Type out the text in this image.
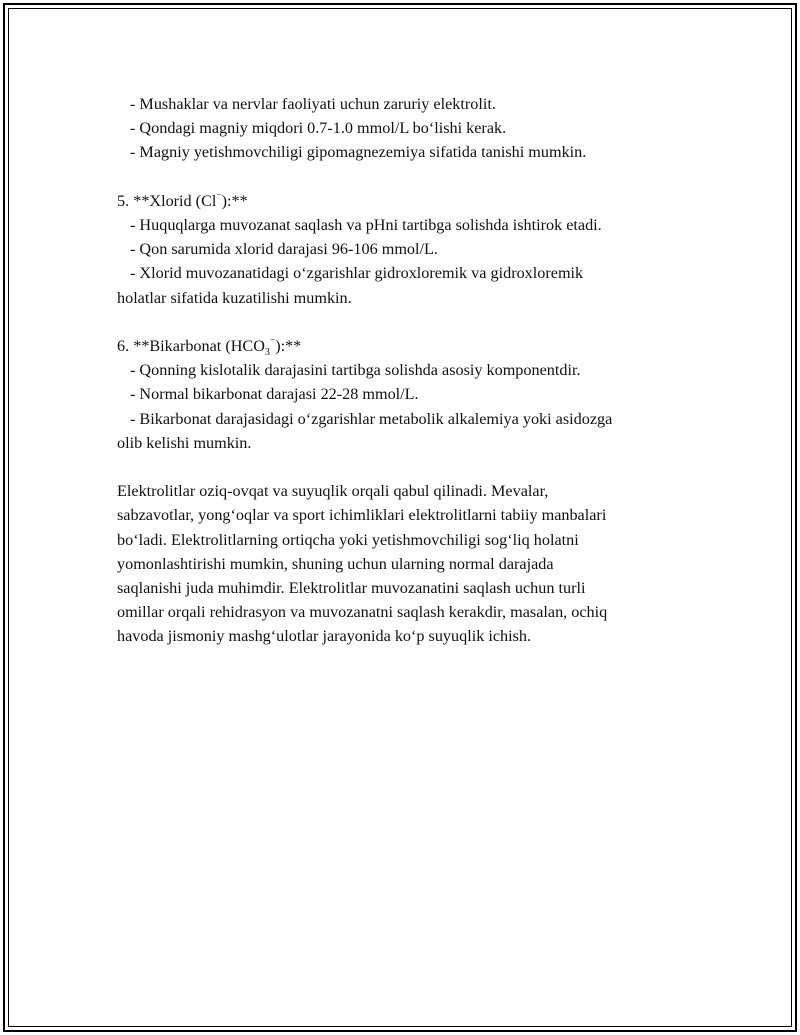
- Mushaklar va nervlar faoliyati uchun zaruriy elektrolit.

- Qondagi magniy miqdori 0.7-1.0 mmol/L bo‘lishi kerak.

- Magniy yetishmovchiligi gipomagnezemiya sifatida tanishi mumkin.

5. **Xlorid (Cl⁻):**

- Huquqlarga muvozanat saqlash va pHni tartibga solishda ishtirok etadi.

- Qon sarumida xlorid darajasi 96-106 mmol/L.

- Xlorid muvozanatidagi o‘zgarishlar gidroxloremik va gidroxloremik

holatlar sifatida kuzatilishi mumkin.

6. **Bikarbonat $(HCO_3^{^-}):**$

- Qonning kislotalik darajasini tartibga solishda asosiy komponentdir.

- Normal bikarbonat darajasi 22-28 mmol/L.

- Bikarbonat darajasidagi o‘zgarishlar metabolik alkalemiya yoki asidozga

olib kelishi mumkin.

Elektrolitlar oziq-ovqat va suyuqlik orqali qabul qilinadi. Mevalar,

sabzavotlar, yong‘oqlar va sport ichimliklari elektrolitlarni tabiiy manbalari

bo‘ladi. Elektrolitlarning ortiqcha yoki yetishmovchiligi sog‘liq holatni

yomonlashtirishi mumkin, shuning uchun ularning normal darajada

saqlanishi juda muhimdir. Elektrolitlar muvozanatini saqlash uchun turli

omillar orqali rehidrasyon va muvozanatni saqlash kerakdir, masalan, ochiq

havoda jismoniy mashg‘ulotlar jarayonida ko‘p suyuqlik ichish.
